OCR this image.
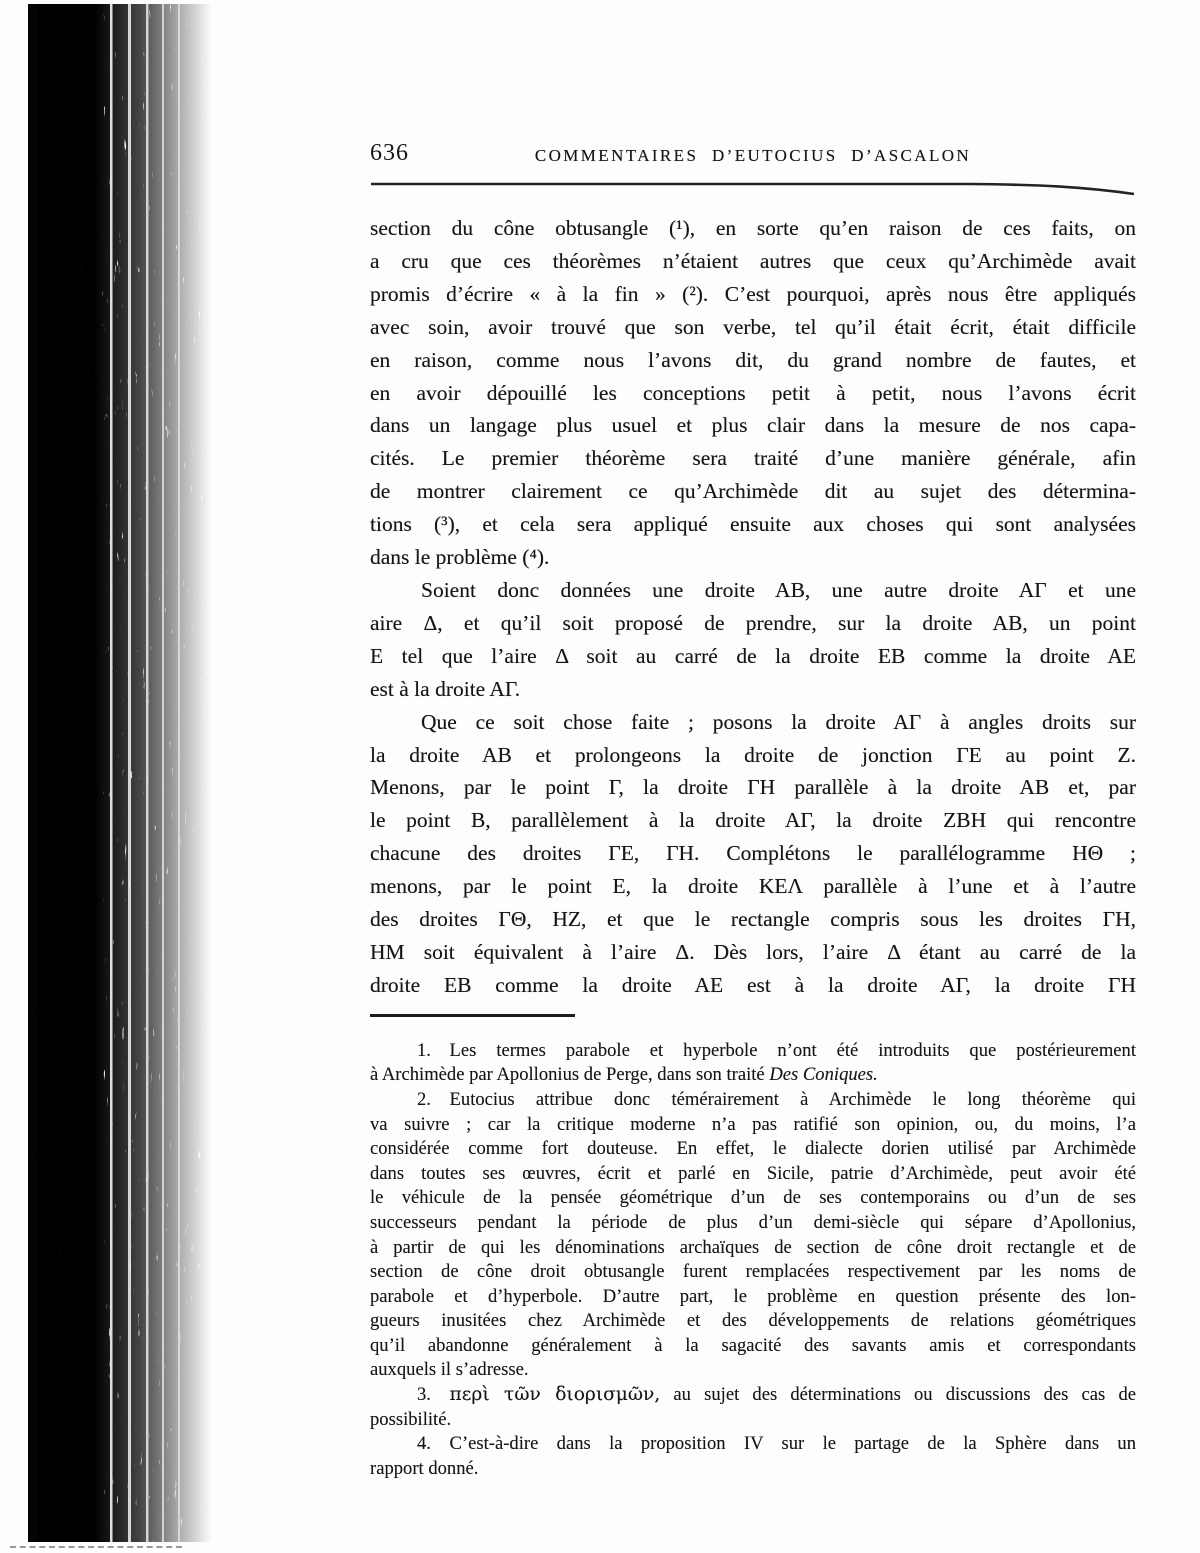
636	COMMENTAIRES D’EUTOCIUS D’ASCALON
section du cône obtusangle (¹), en sorte qu’en raison de ces faits, on
a cru que ces théorèmes n’étaient autres que ceux qu’Archimède avait
promis d’écrire « à la fin » (²). C’est pourquoi, après nous être appliqués
avec soin, avoir trouvé que son verbe, tel qu’il était écrit, était difficile
en raison, comme nous l’avons dit, du grand nombre de fautes, et
en avoir dépouillé les conceptions petit à petit, nous l’avons écrit
dans un langage plus usuel et plus clair dans la mesure de nos capa-
cités. Le premier théorème sera traité d’une manière générale, afin
de montrer clairement ce qu’Archimède dit au sujet des détermina-
tions (³), et cela sera appliqué ensuite aux choses qui sont analysées
dans le problème (⁴).
Soient donc données une droite AB, une autre droite AΓ et une
aire Δ, et qu’il soit proposé de prendre, sur la droite AB, un point
E tel que l’aire Δ soit au carré de la droite EB comme la droite AE
est à la droite AΓ.
Que ce soit chose faite ; posons la droite AΓ à angles droits sur
la droite AB et prolongeons la droite de jonction ΓE au point Z.
Menons, par le point Γ, la droite ΓH parallèle à la droite AB et, par
le point B, parallèlement à la droite AΓ, la droite ZBH qui rencontre
chacune des droites ΓE, ΓH. Complétons le parallélogramme HΘ ;
menons, par le point E, la droite KEΛ parallèle à l’une et à l’autre
des droites ΓΘ, HZ, et que le rectangle compris sous les droites ΓH,
HM soit équivalent à l’aire Δ. Dès lors, l’aire Δ étant au carré de la
droite EB comme la droite AE est à la droite AΓ, la droite ΓH
1.  Les termes parabole et hyperbole n’ont été introduits que postérieurement
à Archimède par Apollonius de Perge, dans son traité Des Coniques.
2.  Eutocius attribue donc témérairement à Archimède le long théorème qui
va suivre ; car la critique moderne n’a pas ratifié son opinion, ou, du moins, l’a
considérée comme fort douteuse. En effet, le dialecte dorien utilisé par Archimède
dans toutes ses œuvres, écrit et parlé en Sicile, patrie d’Archimède, peut avoir été
le véhicule de la pensée géométrique d’un de ses contemporains ou d’un de ses
successeurs pendant la période de plus d’un demi-siècle qui sépare d’Apollonius,
à partir de qui les dénominations archaïques de section de cône droit rectangle et de
section de cône droit obtusangle furent remplacées respectivement par les noms de
parabole et d’hyperbole. D’autre part, le problème en question présente des lon-
gueurs inusitées chez Archimède et des développements de relations géométriques
qu’il abandonne généralement à la sagacité des savants amis et correspondants
auxquels il s’adresse.
3.  περὶ τῶν διορισμῶν, au sujet des déterminations ou discussions des cas de
possibilité.
4.  C’est-à-dire dans la proposition IV sur le partage de la Sphère dans un
rapport donné.
